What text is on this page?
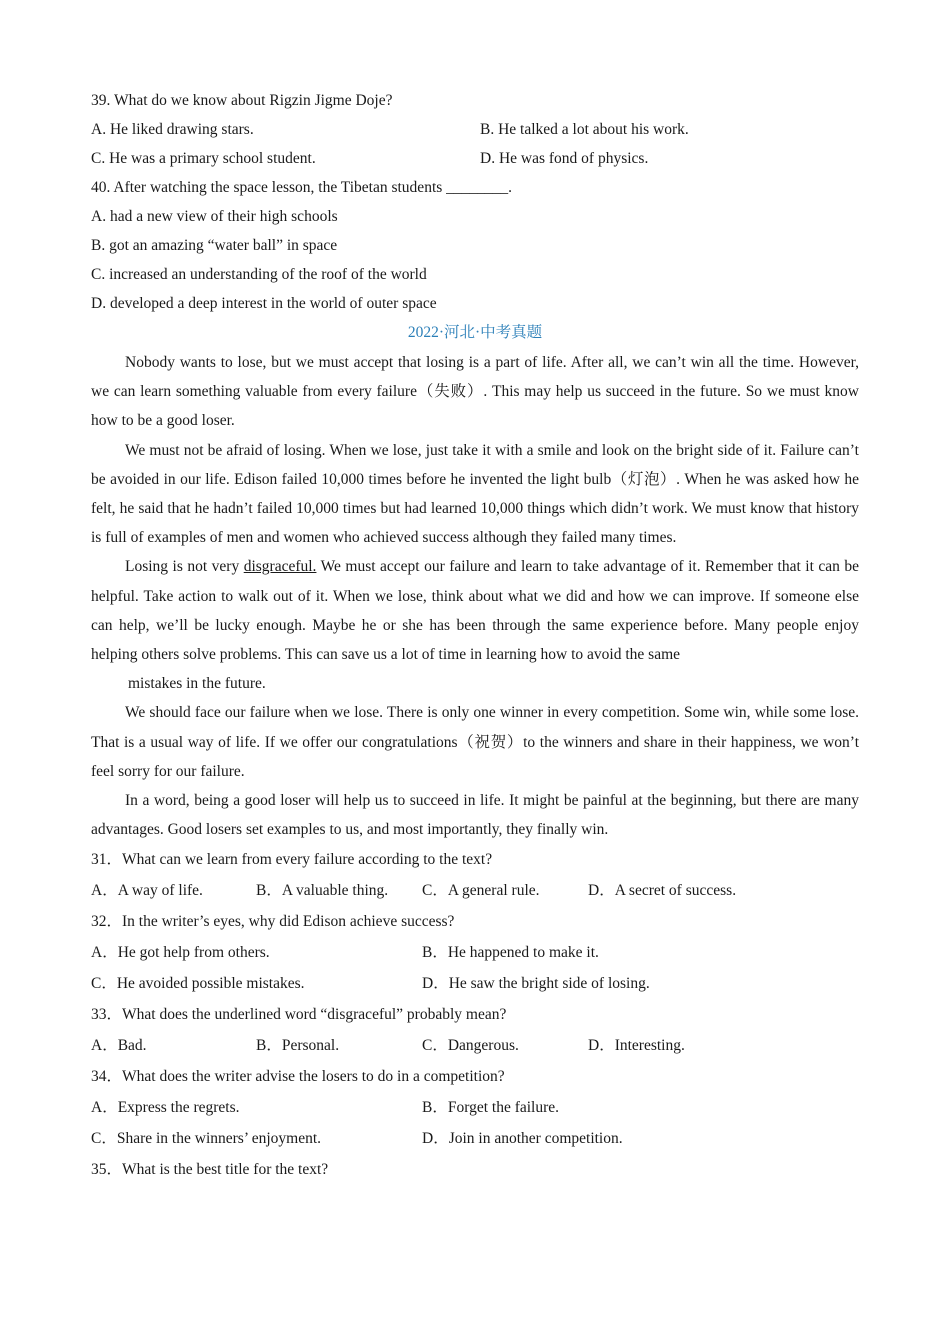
39. What do we know about Rigzin Jigme Doje?
A. He liked drawing stars.	B. He talked a lot about his work.
C. He was a primary school student.	D. He was fond of physics.
40. After watching the space lesson, the Tibetan students ________.
A. had a new view of their high schools
B. got an amazing “water ball” in space
C. increased an understanding of the roof of the world
D. developed a deep interest in the world of outer space
2022·河北·中考真题

Nobody wants to lose, but we must accept that losing is a part of life. After all, we can’t win all the time. However, we can learn something valuable from every failure（失败）. This may help us succeed in the future. So we must know how to be a good loser.

We must not be afraid of losing. When we lose, just take it with a smile and look on the bright side of it. Failure can’t be avoided in our life. Edison failed 10,000 times before he invented the light bulb（灯泡）. When he was asked how he felt, he said that he hadn’t failed 10,000 times but had learned 10,000 things which didn’t work. We must know that history is full of examples of men and women who achieved success although they failed many times.

Losing is not very disgraceful. We must accept our failure and learn to take advantage of it. Remember that it can be helpful. Take action to walk out of it. When we lose, think about what we did and how we can improve. If someone else can help, we’ll be lucky enough. Maybe he or she has been through the same experience before. Many people enjoy helping others solve problems. This can save us a lot of time in learning how to avoid the same

mistakes in the future.

We should face our failure when we lose. There is only one winner in every competition. Some win, while some lose. That is a usual way of life. If we offer our congratulations（祝贺）to the winners and share in their happiness, we won’t feel sorry for our failure.

In a word, being a good loser will help us to succeed in life. It might be painful at the beginning, but there are many advantages. Good losers set examples to us, and most importantly, they finally win.

31．What can we learn from every failure according to the text?
A．A way of life.	B．A valuable thing. C．A general rule.	D．A secret of success.
32．In the writer’s eyes, why did Edison achieve success?
A．He got help from others.	B．He happened to make it.
C．He avoided possible mistakes.	D．He saw the bright side of losing.
33．What does the underlined word “disgraceful” probably mean?
A．Bad.	B．Personal.	C．Dangerous.	D．Interesting.
34．What does the writer advise the losers to do in a competition?
A．Express the regrets.	B．Forget the failure.
C．Share in the winners’ enjoyment.	D．Join in another competition.
35．What is the best title for the text?
